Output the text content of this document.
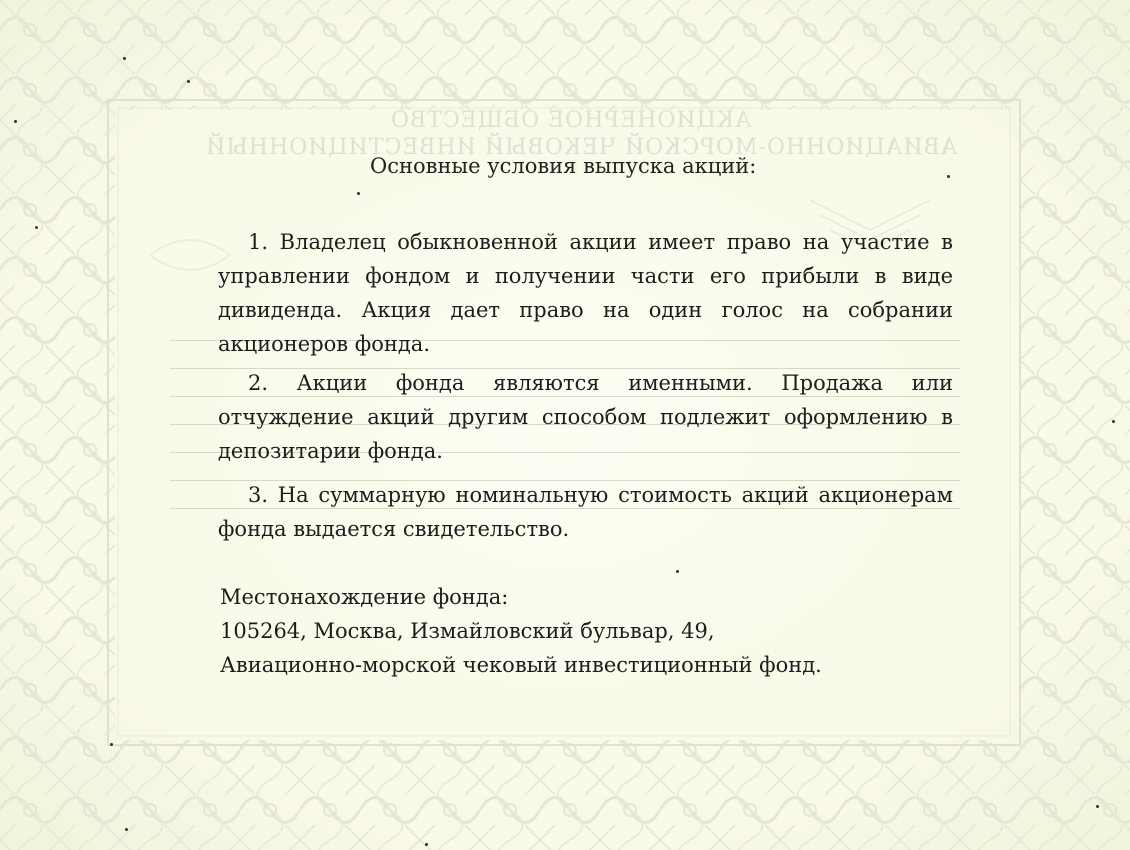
АКЦИОНЕРНОЕ ОБЩЕСТВО
АВИАЦИОННО-МОРСКОЙ ЧЕКОВЫЙ ИНВЕСТИЦИОННЫЙ
Основные условия выпуска акций:
1. Владелец обыкновенной акции имеет право на участие в управлении фондом и получении части его прибыли в виде дивиденда. Акция дает право на один голос на собрании акционеров фонда.
2. Акции фонда являются именными. Продажа или отчуждение акций другим способом подлежит оформлению в депозитарии фонда.
3. На суммарную номинальную стоимость акций акционерам фонда выдается свидетельство.
Местонахождение фонда:
105264, Москва, Измайловский бульвар, 49,
Авиационно-морской чековый инвестиционный фонд.
